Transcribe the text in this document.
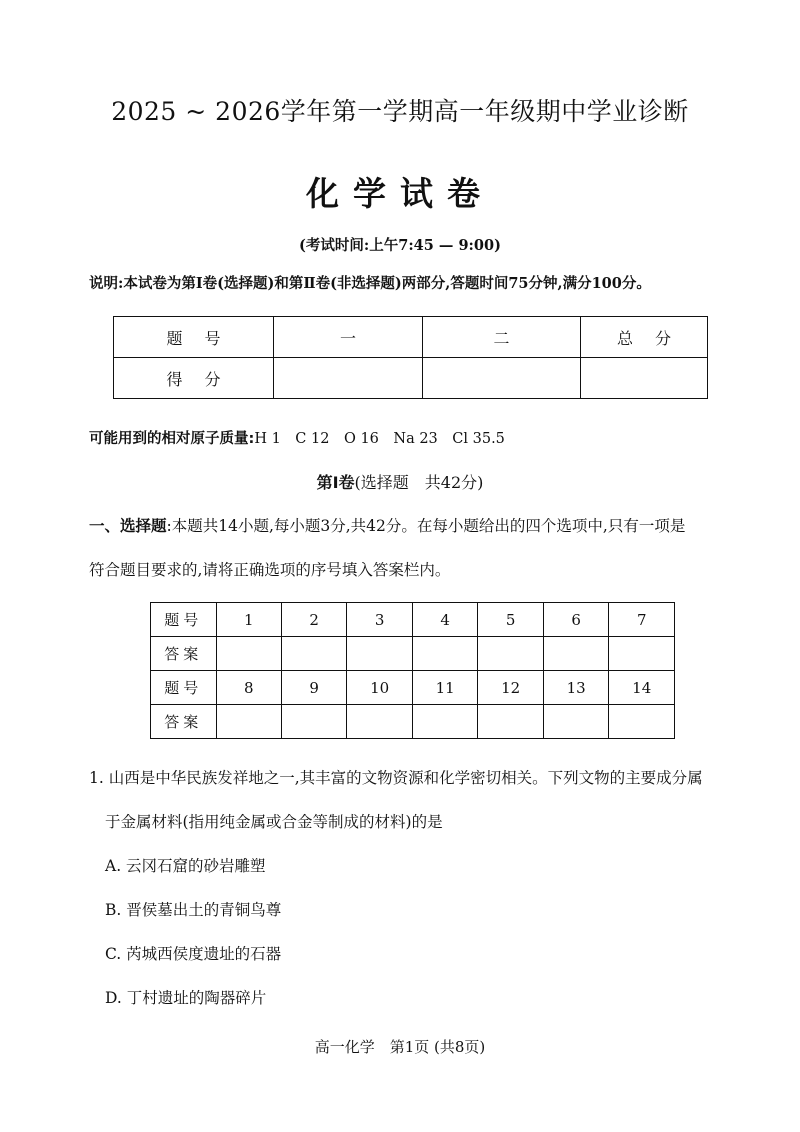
2025 ~ 2026学年第一学期高一年级期中学业诊断
化学试卷
(考试时间:上午7:45 — 9:00)
说明:本试卷为第Ⅰ卷(选择题)和第Ⅱ卷(非选择题)两部分,答题时间75分钟,满分100分。
题号	一	二	总分
得分			
可能用到的相对原子质量:H 1　C 12　O 16　Na 23　Cl 35.5
第Ⅰ卷(选择题　共42分)
一、选择题:本题共14小题,每小题3分,共42分。在每小题给出的四个选项中,只有一项是
符合题目要求的,请将正确选项的序号填入答案栏内。
题号	1	2	3	4	5	6	7
答案							
题号	8	9	10	11	12	13	14
答案							
1. 山西是中华民族发祥地之一,其丰富的文物资源和化学密切相关。下列文物的主要成分属
于金属材料(指用纯金属或合金等制成的材料)的是
A. 云冈石窟的砂岩雕塑
B. 晋侯墓出土的青铜鸟尊
C. 芮城西侯度遗址的石器
D. 丁村遗址的陶器碎片
高一化学　第1页 (共8页)
